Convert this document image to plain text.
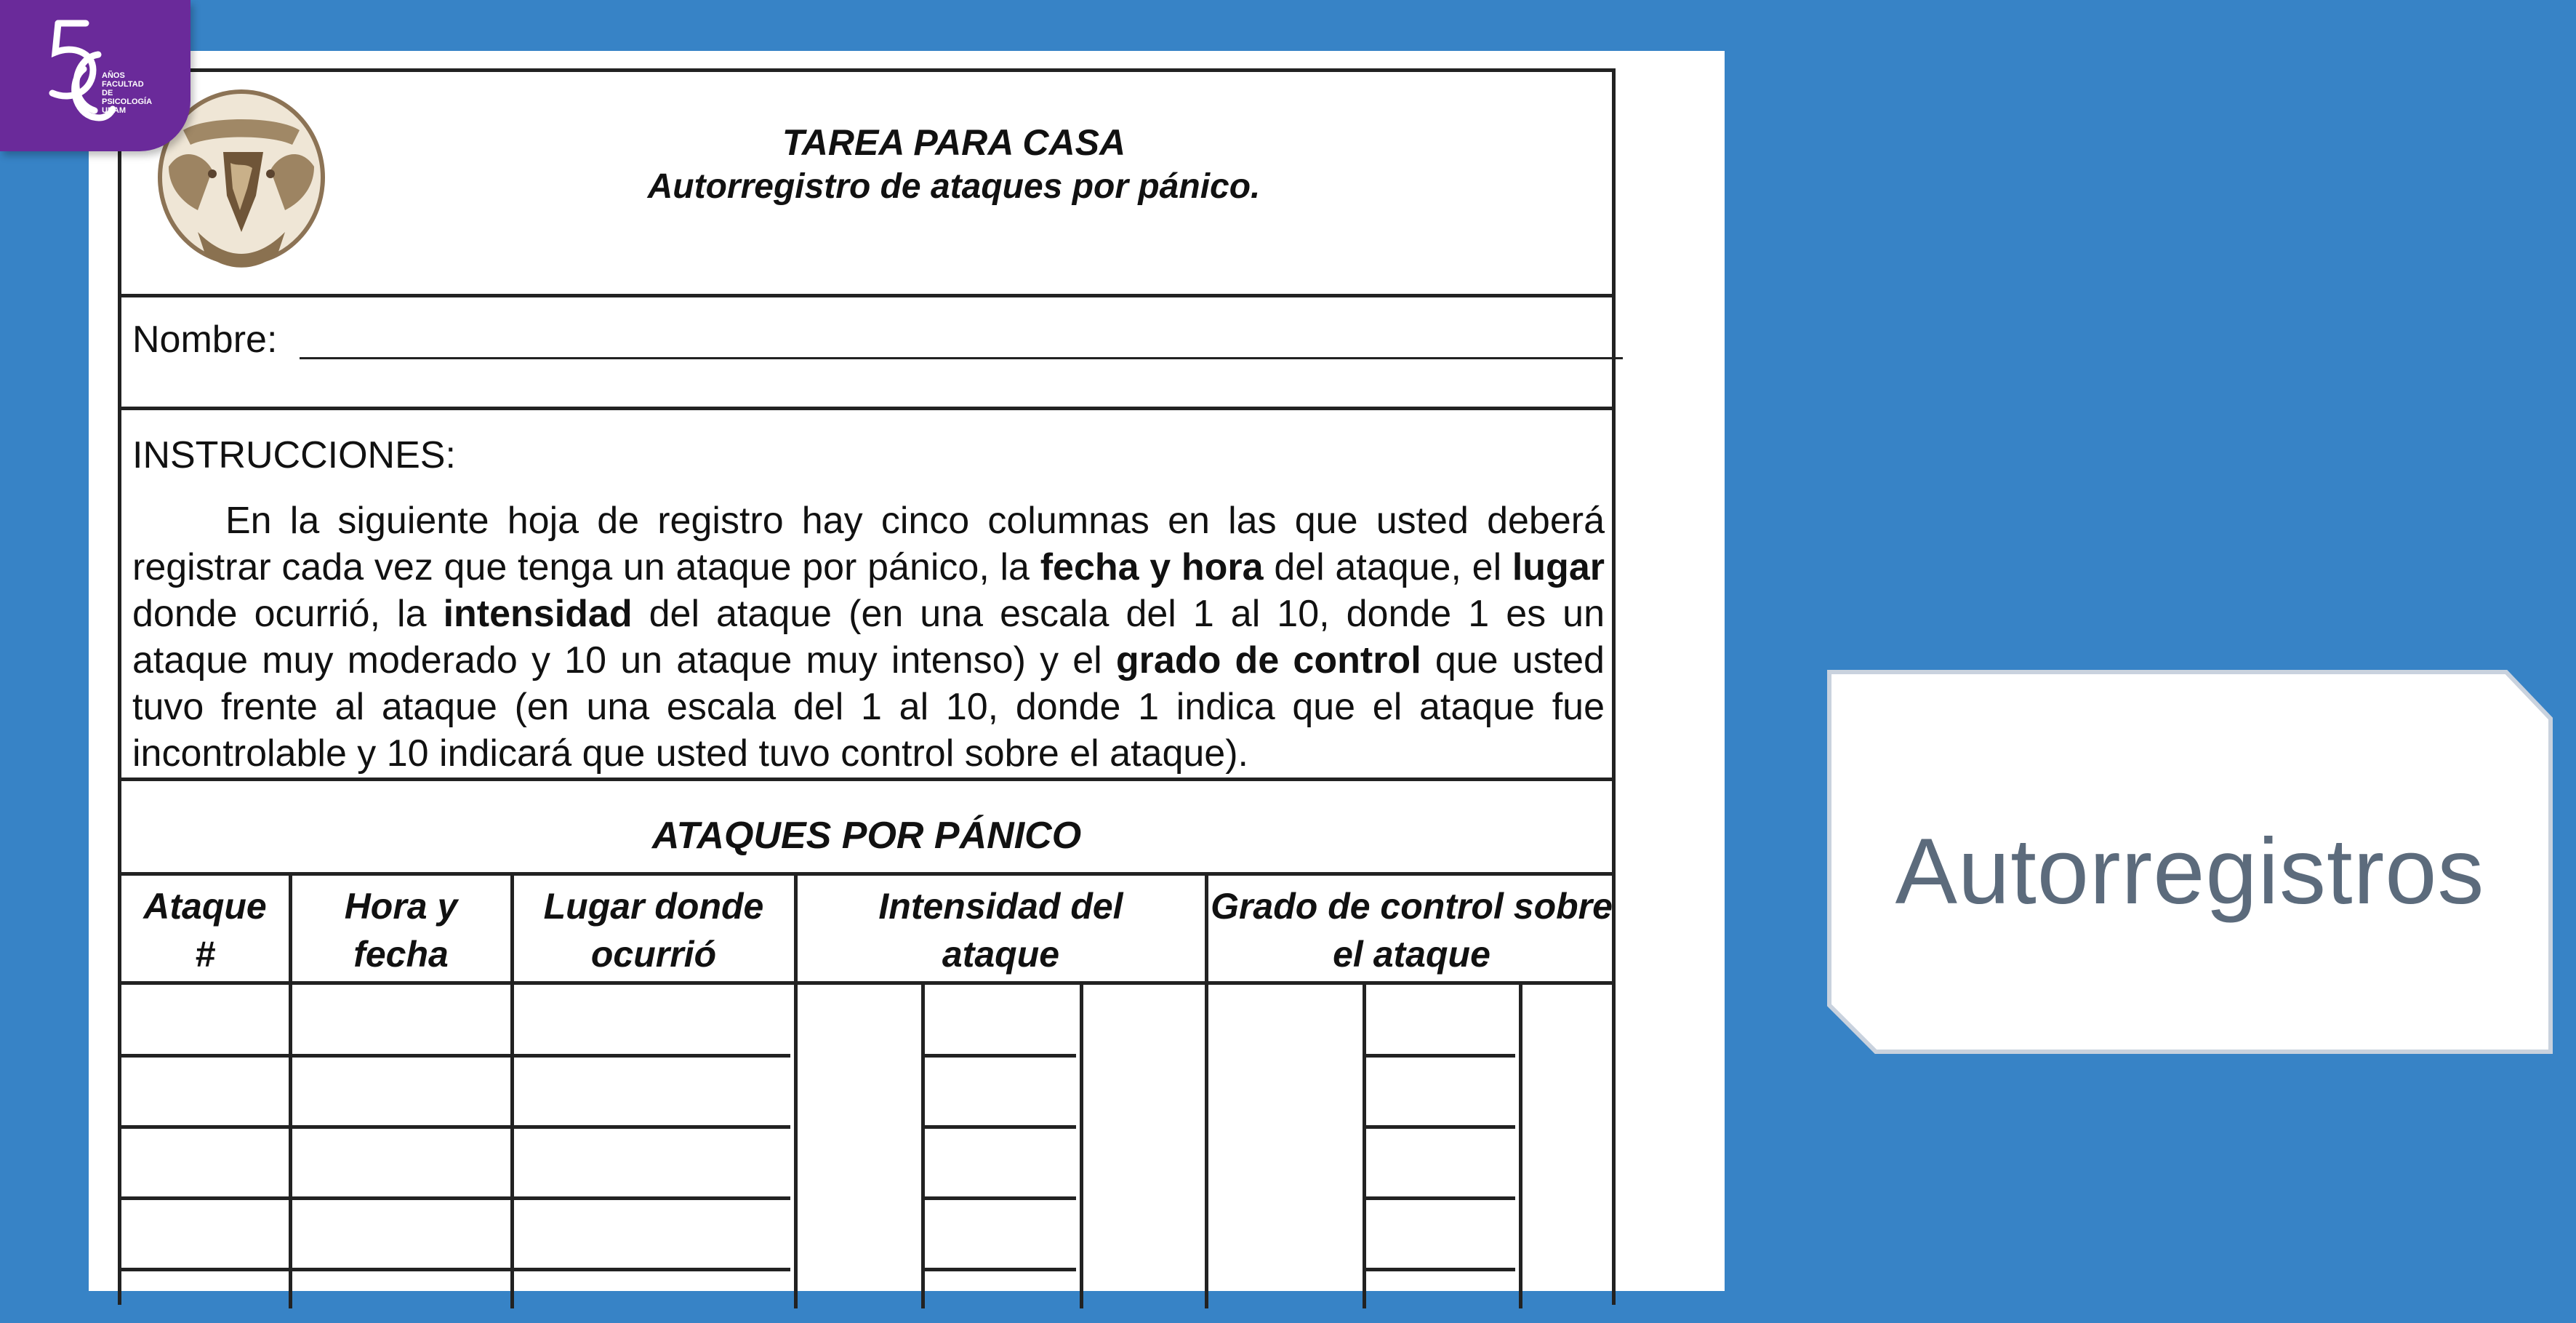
AÑOS FACULTAD DE PSICOLOGÍA UNAM
TAREA PARA CASA
Autorregistro de ataques por pánico.
Nombre:
INSTRUCCIONES:
En la siguiente hoja de registro hay cinco columnas en las que usted deberá registrar cada vez que tenga un ataque por pánico, la fecha y hora del ataque, el lugar donde ocurrió, la intensidad del ataque (en una escala del 1 al 10, donde 1 es un ataque muy moderado y 10 un ataque muy intenso) y el grado de control que usted tuvo frente al ataque (en una escala del 1 al 10, donde 1 indica que el ataque fue incontrolable y 10 indicará que usted tuvo control sobre el ataque).
ATAQUES POR PÁNICO
Ataque
#
Hora y
fecha
Lugar donde
ocurrió
Intensidad del
ataque
Grado de control sobre
el ataque
Autorregistros
